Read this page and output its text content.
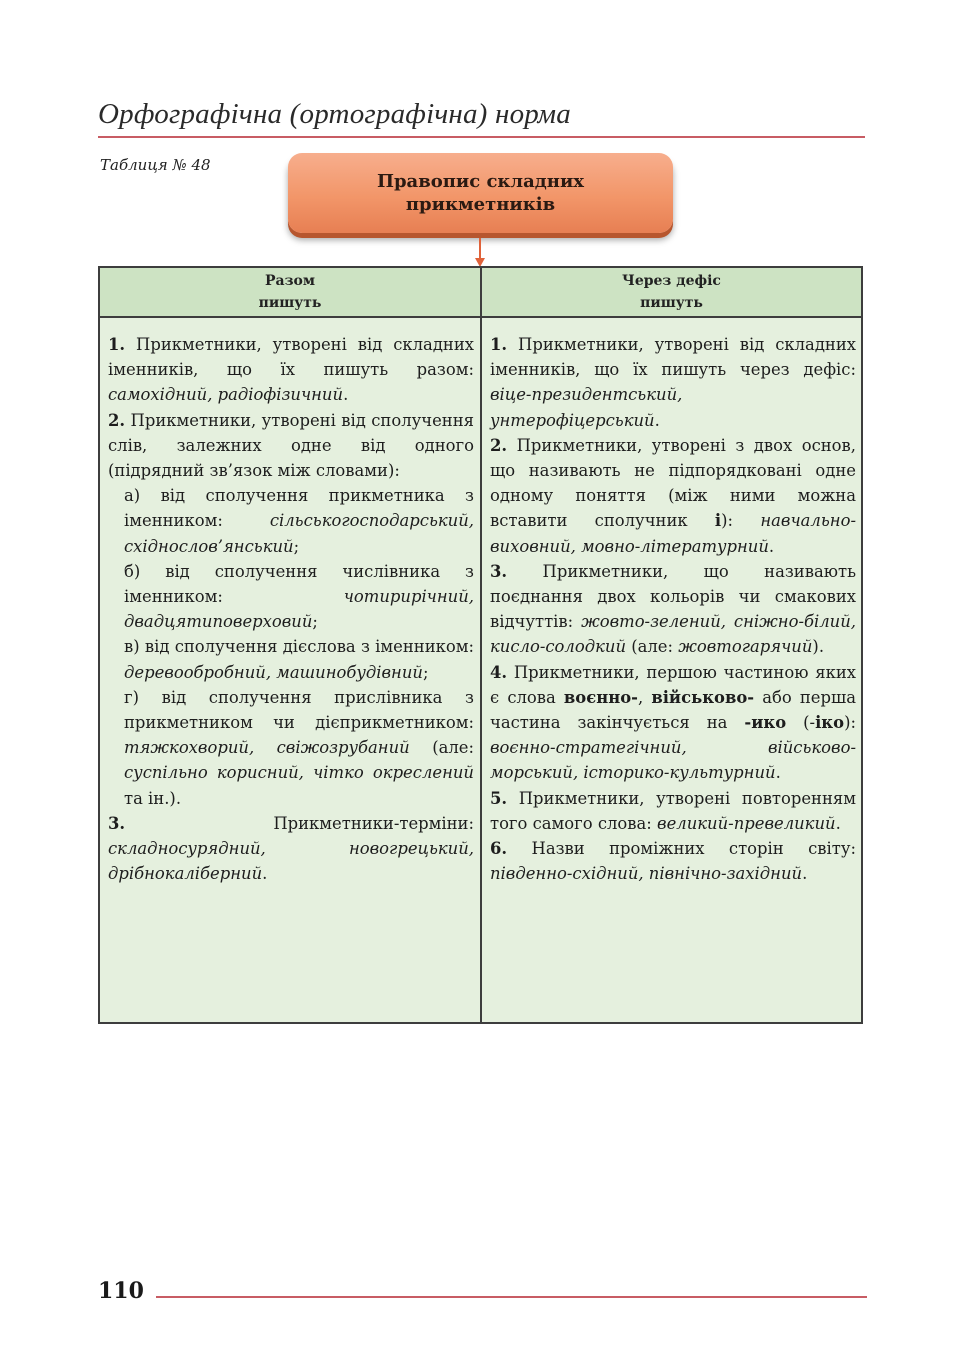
Орфографічна (ортографічна) норма
Таблиця № 48
Правопис складних
прикметників
Разом
пишуть
Через дефіс
пишуть

1. Прикметники, утворені від складних іменників, що їх пишуть разом: самохідний, радіофізичний.

2. Прикметники, утворені від сполучення слів, залежних одне від одного (підрядний зв’язок між словами):

а) від сполучення прикметника з іменником: сільськогосподарський, східнослов’янський;

б) від сполучення числівника з іменником: чотирирічний, двадцятиповерховий;

в) від сполучення дієслова з іменником: деревообробний, машинобудівний;

г) від сполучення прислівника з прикметником чи дієприкметником: тяжкохворий, свіжозрубаний (але: суспільно корисний, чітко окреслений та ін.).

3. Прикметники-терміни: складносурядний, новогрецький, дрібнокаліберний.

1. Прикметники, утворені від складних іменників, що їх пишуть через дефіс: віце-президентський, унтерофіцерський.

2. Прикметники, утворені з двох основ, що називають не підпорядковані одне одному поняття (між ними можна вставити сполучник і): навчально-виховний, мовно-літературний.

3. Прикметники, що називають поєднання двох кольорів чи смакових відчуттів: жовто-зелений, сніжно-білий, кисло-солодкий (але: жовтогарячий).

4. Прикметники, першою частиною яких є слова воєнно-, військово- або перша частина закінчується на -ико (-іко): воєнно-стратегічний, військово-морський, історико-культурний.

5. Прикметники, утворені повторенням того самого слова: великий-превеликий.

6. Назви проміжних сторін світу: південно-східний, північно-західний.

110
